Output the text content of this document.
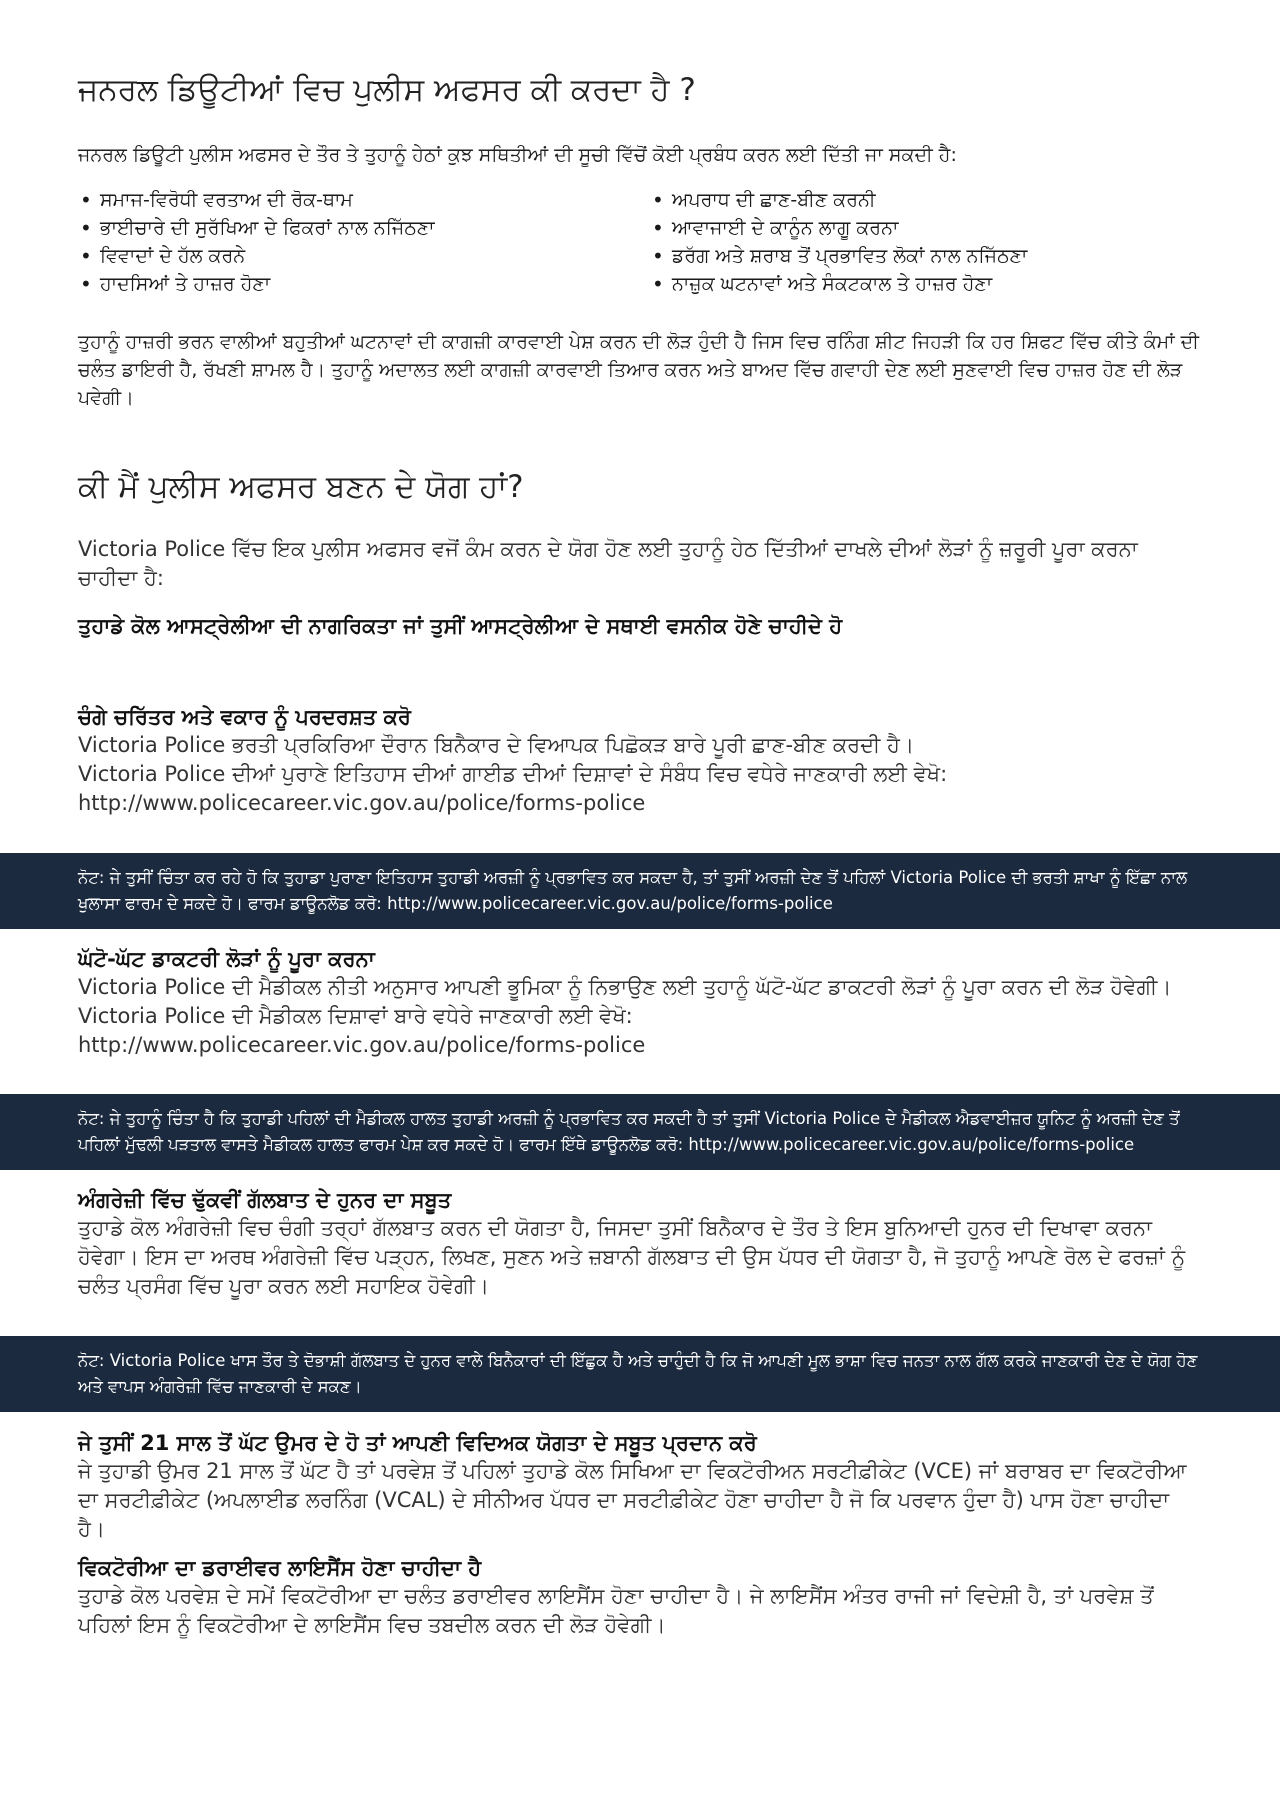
ਜਨਰਲ ਡਿਊਟੀਆਂ ਵਿਚ ਪੁਲੀਸ ਅਫਸਰ ਕੀ ਕਰਦਾ ਹੈ ?

ਜਨਰਲ ਡਿਊਟੀ ਪੁਲੀਸ ਅਫਸਰ ਦੇ ਤੌਰ ਤੇ ਤੁਹਾਨੂੰ ਹੇਠਾਂ ਕੁਝ ਸਥਿਤੀਆਂ ਦੀ ਸੂਚੀ ਵਿੱਚੋਂ ਕੋਈ ਪ੍ਰਬੰਧ ਕਰਨ ਲਈ ਦਿੱਤੀ ਜਾ ਸਕਦੀ ਹੈ:

• ਸਮਾਜ-ਵਿਰੋਧੀ ਵਰਤਾਅ ਦੀ ਰੋਕ-ਥਾਮ	• ਅਪਰਾਧ ਦੀ ਛਾਣ-ਬੀਣ ਕਰਨੀ
• ਭਾਈਚਾਰੇ ਦੀ ਸੁਰੱਖਿਆ ਦੇ ਫਿਕਰਾਂ ਨਾਲ ਨਜਿੱਠਣਾ	• ਆਵਾਜਾਈ ਦੇ ਕਾਨੂੰਨ ਲਾਗੂ ਕਰਨਾ
• ਵਿਵਾਦਾਂ ਦੇ ਹੱਲ ਕਰਨੇ	• ਡਰੱਗ ਅਤੇ ਸ਼ਰਾਬ ਤੋਂ ਪ੍ਰਭਾਵਿਤ ਲੋਕਾਂ ਨਾਲ ਨਜਿੱਠਣਾ
• ਹਾਦਸਿਆਂ ਤੇ ਹਾਜ਼ਰ ਹੋਣਾ	• ਨਾਜ਼ੁਕ ਘਟਨਾਵਾਂ ਅਤੇ ਸੰਕਟਕਾਲ ਤੇ ਹਾਜ਼ਰ ਹੋਣਾ

ਤੁਹਾਨੂੰ ਹਾਜ਼ਰੀ ਭਰਨ ਵਾਲੀਆਂ ਬਹੁਤੀਆਂ ਘਟਨਾਵਾਂ ਦੀ ਕਾਗਜ਼ੀ ਕਾਰਵਾਈ ਪੇਸ਼ ਕਰਨ ਦੀ ਲੋੜ ਹੁੰਦੀ ਹੈ ਜਿਸ ਵਿਚ ਰਨਿੰਗ ਸ਼ੀਟ ਜਿਹੜੀ ਕਿ ਹਰ ਸ਼ਿਫਟ ਵਿੱਚ ਕੀਤੇ ਕੰਮਾਂ ਦੀ ਚਲੰਤ ਡਾਇਰੀ ਹੈ, ਰੱਖਣੀ ਸ਼ਾਮਲ ਹੈ। ਤੁਹਾਨੂੰ ਅਦਾਲਤ ਲਈ ਕਾਗਜ਼ੀ ਕਾਰਵਾਈ ਤਿਆਰ ਕਰਨ ਅਤੇ ਬਾਅਦ ਵਿੱਚ ਗਵਾਹੀ ਦੇਣ ਲਈ ਸੁਣਵਾਈ ਵਿਚ ਹਾਜ਼ਰ ਹੋਣ ਦੀ ਲੋੜ ਪਵੇਗੀ।

ਕੀ ਮੈਂ ਪੁਲੀਸ ਅਫਸਰ ਬਣਨ ਦੇ ਯੋਗ ਹਾਂ?

Victoria Police ਵਿੱਚ ਇਕ ਪੁਲੀਸ ਅਫਸਰ ਵਜੋਂ ਕੰਮ ਕਰਨ ਦੇ ਯੋਗ ਹੋਣ ਲਈ ਤੁਹਾਨੂੰ ਹੇਠ ਦਿੱਤੀਆਂ ਦਾਖਲੇ ਦੀਆਂ ਲੋੜਾਂ ਨੂੰ ਜ਼ਰੂਰੀ ਪੂਰਾ ਕਰਨਾ ਚਾਹੀਦਾ ਹੈ:

ਤੁਹਾਡੇ ਕੋਲ ਆਸਟ੍ਰੇਲੀਆ ਦੀ ਨਾਗਰਿਕਤਾ ਜਾਂ ਤੁਸੀਂ ਆਸਟ੍ਰੇਲੀਆ ਦੇ ਸਥਾਈ ਵਸਨੀਕ ਹੋਣੇ ਚਾਹੀਦੇ ਹੋ

ਚੰਗੇ ਚਰਿੱਤਰ ਅਤੇ ਵਕਾਰ ਨੂੰ ਪਰਦਰਸ਼ਤ ਕਰੋ

Victoria Police ਭਰਤੀ ਪ੍ਰਕਿਰਿਆ ਦੌਰਾਨ ਬਿਨੈਕਾਰ ਦੇ ਵਿਆਪਕ ਪਿਛੋਕੜ ਬਾਰੇ ਪੂਰੀ ਛਾਣ-ਬੀਣ ਕਰਦੀ ਹੈ।

Victoria Police ਦੀਆਂ ਪੁਰਾਣੇ ਇਤਿਹਾਸ ਦੀਆਂ ਗਾਈਡ ਦੀਆਂ ਦਿਸ਼ਾਵਾਂ ਦੇ ਸੰਬੰਧ ਵਿਚ ਵਧੇਰੇ ਜਾਣਕਾਰੀ ਲਈ ਵੇਖੋ:

http://www.policecareer.vic.gov.au/police/forms-police

ਨੋਟ: ਜੇ ਤੁਸੀਂ ਚਿੰਤਾ ਕਰ ਰਹੇ ਹੋ ਕਿ ਤੁਹਾਡਾ ਪੁਰਾਣਾ ਇਤਿਹਾਸ ਤੁਹਾਡੀ ਅਰਜ਼ੀ ਨੂੰ ਪ੍ਰਭਾਵਿਤ ਕਰ ਸਕਦਾ ਹੈ, ਤਾਂ ਤੁਸੀਂ ਅਰਜ਼ੀ ਦੇਣ ਤੋਂ ਪਹਿਲਾਂ Victoria Police ਦੀ ਭਰਤੀ ਸ਼ਾਖਾ ਨੂੰ ਇੱਛਾ ਨਾਲ ਖੁਲਾਸਾ ਫਾਰਮ ਦੇ ਸਕਦੇ ਹੋ। ਫਾਰਮ ਡਾਊਨਲੋਡ ਕਰੋ: http://www.policecareer.vic.gov.au/police/forms-police

ਘੱਟੋ-ਘੱਟ ਡਾਕਟਰੀ ਲੋੜਾਂ ਨੂੰ ਪੂਰਾ ਕਰਨਾ

Victoria Police ਦੀ ਮੈਡੀਕਲ ਨੀਤੀ ਅਨੁਸਾਰ ਆਪਣੀ ਭੂਮਿਕਾ ਨੂੰ ਨਿਭਾਉਣ ਲਈ ਤੁਹਾਨੂੰ ਘੱਟੋ-ਘੱਟ ਡਾਕਟਰੀ ਲੋੜਾਂ ਨੂੰ ਪੂਰਾ ਕਰਨ ਦੀ ਲੋੜ ਹੋਵੇਗੀ। Victoria Police ਦੀ ਮੈਡੀਕਲ ਦਿਸ਼ਾਵਾਂ ਬਾਰੇ ਵਧੇਰੇ ਜਾਣਕਾਰੀ ਲਈ ਵੇਖੋ:

http://www.policecareer.vic.gov.au/police/forms-police

ਨੋਟ: ਜੇ ਤੁਹਾਨੂੰ ਚਿੰਤਾ ਹੈ ਕਿ ਤੁਹਾਡੀ ਪਹਿਲਾਂ ਦੀ ਮੈਡੀਕਲ ਹਾਲਤ ਤੁਹਾਡੀ ਅਰਜ਼ੀ ਨੂੰ ਪ੍ਰਭਾਵਿਤ ਕਰ ਸਕਦੀ ਹੈ ਤਾਂ ਤੁਸੀਂ Victoria Police ਦੇ ਮੈਡੀਕਲ ਐਡਵਾਈਜ਼ਰ ਯੂਨਿਟ ਨੂੰ ਅਰਜ਼ੀ ਦੇਣ ਤੋਂ ਪਹਿਲਾਂ ਮੁੱਢਲੀ ਪੜਤਾਲ ਵਾਸਤੇ ਮੈਡੀਕਲ ਹਾਲਤ ਫਾਰਮ ਪੇਸ਼ ਕਰ ਸਕਦੇ ਹੋ। ਫਾਰਮ ਇੱਥੇ ਡਾਊਨਲੋਡ ਕਰੋ: http://www.policecareer.vic.gov.au/police/forms-police

ਅੰਗਰੇਜ਼ੀ ਵਿੱਚ ਢੁੱਕਵੀਂ ਗੱਲਬਾਤ ਦੇ ਹੁਨਰ ਦਾ ਸਬੂਤ

ਤੁਹਾਡੇ ਕੋਲ ਅੰਗਰੇਜ਼ੀ ਵਿਚ ਚੰਗੀ ਤਰ੍ਹਾਂ ਗੱਲਬਾਤ ਕਰਨ ਦੀ ਯੋਗਤਾ ਹੈ, ਜਿਸਦਾ ਤੁਸੀਂ ਬਿਨੈਕਾਰ ਦੇ ਤੌਰ ਤੇ ਇਸ ਬੁਨਿਆਦੀ ਹੁਨਰ ਦੀ ਦਿਖਾਵਾ ਕਰਨਾ ਹੋਵੇਗਾ। ਇਸ ਦਾ ਅਰਥ ਅੰਗਰੇਜ਼ੀ ਵਿੱਚ ਪੜ੍ਹਨ, ਲਿਖਣ, ਸੁਣਨ ਅਤੇ ਜ਼ਬਾਨੀ ਗੱਲਬਾਤ ਦੀ ਉਸ ਪੱਧਰ ਦੀ ਯੋਗਤਾ ਹੈ, ਜੋ ਤੁਹਾਨੂੰ ਆਪਣੇ ਰੋਲ ਦੇ ਫਰਜ਼ਾਂ ਨੂੰ ਚਲੰਤ ਪ੍ਰਸੰਗ ਵਿੱਚ ਪੂਰਾ ਕਰਨ ਲਈ ਸਹਾਇਕ ਹੋਵੇਗੀ।

ਨੋਟ: Victoria Police ਖਾਸ ਤੌਰ ਤੇ ਦੋਭਾਸ਼ੀ ਗੱਲਬਾਤ ਦੇ ਹੁਨਰ ਵਾਲੇ ਬਿਨੈਕਾਰਾਂ ਦੀ ਇੱਛੁਕ ਹੈ ਅਤੇ ਚਾਹੁੰਦੀ ਹੈ ਕਿ ਜੋ ਆਪਣੀ ਮੂਲ ਭਾਸ਼ਾ ਵਿਚ ਜਨਤਾ ਨਾਲ ਗੱਲ ਕਰਕੇ ਜਾਣਕਾਰੀ ਦੇਣ ਦੇ ਯੋਗ ਹੋਣ ਅਤੇ ਵਾਪਸ ਅੰਗਰੇਜ਼ੀ ਵਿੱਚ ਜਾਣਕਾਰੀ ਦੇ ਸਕਣ।

ਜੇ ਤੁਸੀਂ 21 ਸਾਲ ਤੋਂ ਘੱਟ ਉਮਰ ਦੇ ਹੋ ਤਾਂ ਆਪਣੀ ਵਿਦਿਅਕ ਯੋਗਤਾ ਦੇ ਸਬੂਤ ਪ੍ਰਦਾਨ ਕਰੋ

ਜੇ ਤੁਹਾਡੀ ਉਮਰ 21 ਸਾਲ ਤੋਂ ਘੱਟ ਹੈ ਤਾਂ ਪਰਵੇਸ਼ ਤੋਂ ਪਹਿਲਾਂ ਤੁਹਾਡੇ ਕੋਲ ਸਿਖਿਆ ਦਾ ਵਿਕਟੋਰੀਅਨ ਸਰਟੀਫ਼ੀਕੇਟ (VCE) ਜਾਂ ਬਰਾਬਰ ਦਾ ਵਿਕਟੋਰੀਆ ਦਾ ਸਰਟੀਫ਼ੀਕੇਟ (ਅਪਲਾਈਡ ਲਰਨਿੰਗ (VCAL) ਦੇ ਸੀਨੀਅਰ ਪੱਧਰ ਦਾ ਸਰਟੀਫ਼ੀਕੇਟ ਹੋਣਾ ਚਾਹੀਦਾ ਹੈ ਜੋ ਕਿ ਪਰਵਾਨ ਹੁੰਦਾ ਹੈ) ਪਾਸ ਹੋਣਾ ਚਾਹੀਦਾ ਹੈ।

ਵਿਕਟੋਰੀਆ ਦਾ ਡਰਾਈਵਰ ਲਾਇਸੈਂਸ ਹੋਣਾ ਚਾਹੀਦਾ ਹੈ

ਤੁਹਾਡੇ ਕੋਲ ਪਰਵੇਸ਼ ਦੇ ਸਮੇਂ ਵਿਕਟੋਰੀਆ ਦਾ ਚਲੰਤ ਡਰਾਈਵਰ ਲਾਇਸੈਂਸ ਹੋਣਾ ਚਾਹੀਦਾ ਹੈ। ਜੇ ਲਾਇਸੈਂਸ ਅੰਤਰ ਰਾਜੀ ਜਾਂ ਵਿਦੇਸ਼ੀ ਹੈ, ਤਾਂ ਪਰਵੇਸ਼ ਤੋਂ ਪਹਿਲਾਂ ਇਸ ਨੂੰ ਵਿਕਟੋਰੀਆ ਦੇ ਲਾਇਸੈਂਸ ਵਿਚ ਤਬਦੀਲ ਕਰਨ ਦੀ ਲੋੜ ਹੋਵੇਗੀ।
